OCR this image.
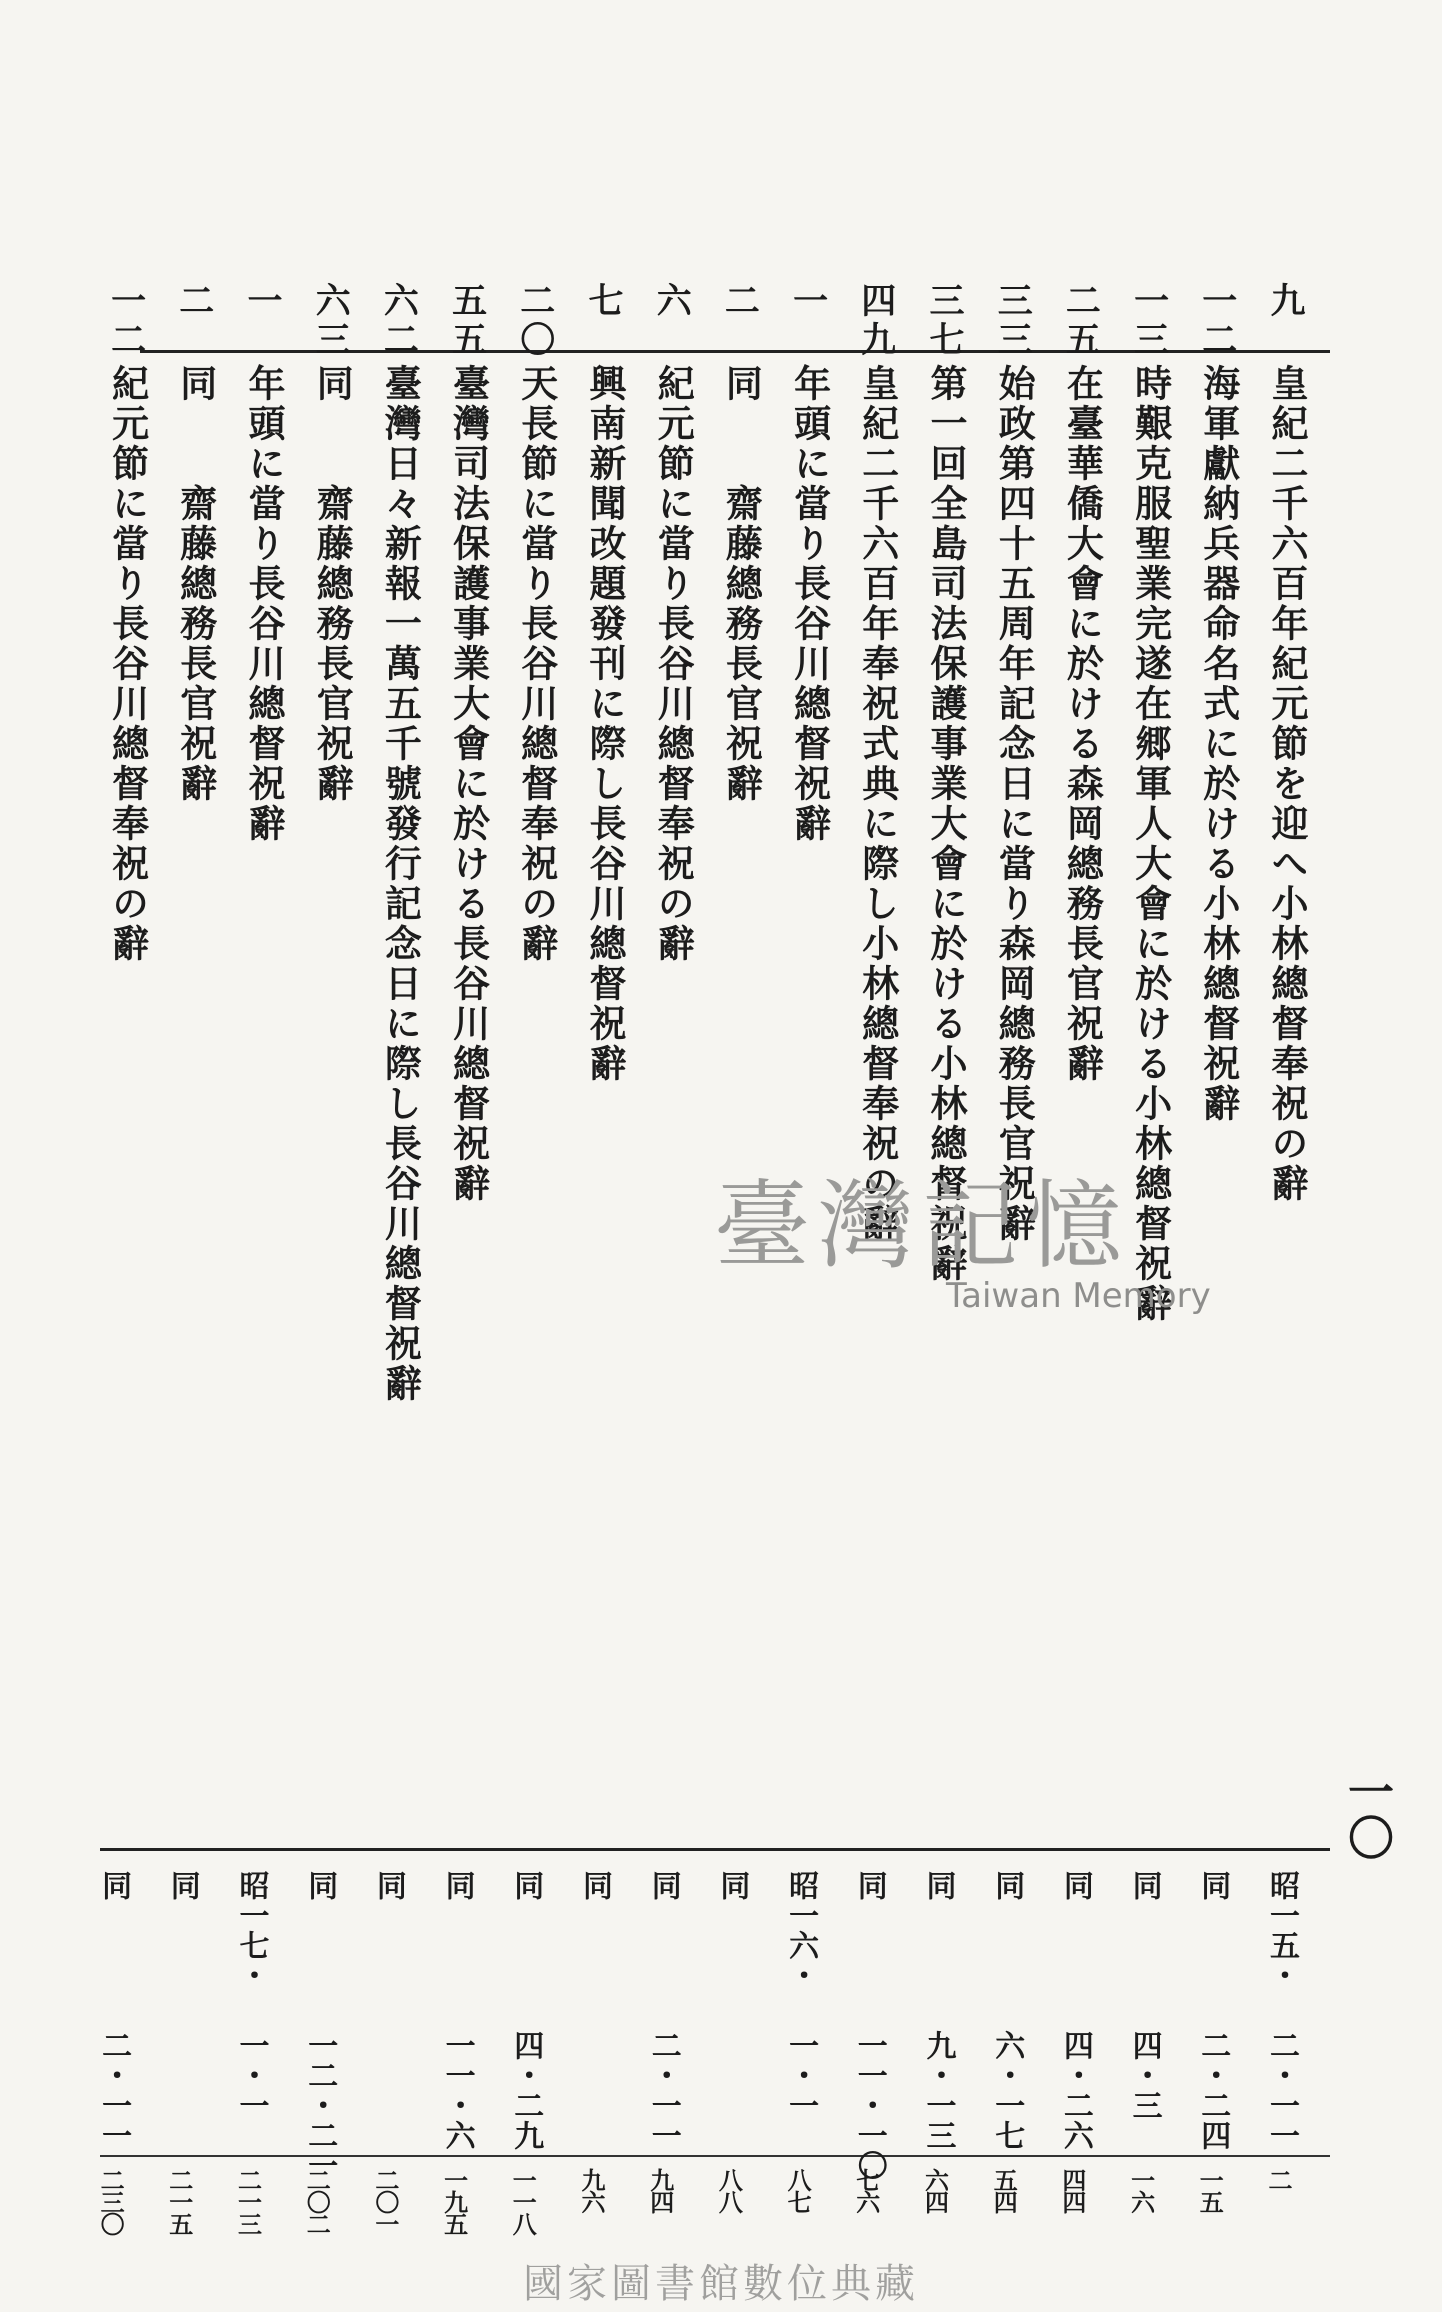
九
皇紀二千六百年紀元節を迎へ小林總督奉祝の辭
昭一五・
二・一一
二
一二
海軍獻納兵器命名式に於ける小林總督祝辭
同
二・二四
一五
一三
時艱克服聖業完遂在郷軍人大會に於ける小林總督祝辭
同
四・三
一六
二五
在臺華僑大會に於ける森岡總務長官祝辭
同
四・二六
四四
三三
始政第四十五周年記念日に當り森岡總務長官祝辭
同
六・一七
五四
三七
第一回全島司法保護事業大會に於ける小林總督祝辭
同
九・一三
六四
四九
皇紀二千六百年奉祝式典に際し小林總督奉祝の辭
同
一一・一〇
七六
一
年頭に當り長谷川總督祝辭
昭一六・
一・一
八七
二
同　　齋藤總務長官祝辭
同
八八
六
紀元節に當り長谷川總督奉祝の辭
同
二・一一
九四
七
興南新聞改題發刊に際し長谷川總督祝辭
同
九六
二〇
天長節に當り長谷川總督奉祝の辭
同
四・二九
一一八
五五
臺灣司法保護事業大會に於ける長谷川總督祝辭
同
一一・六
一九五
六二
臺灣日々新報一萬五千號發行記念日に際し長谷川總督祝辭
同
二〇一
六三
同　　齋藤總務長官祝辭
同
一二・二一
二〇二
一
年頭に當り長谷川總督祝辭
昭一七・
一・一
二一三
二
同　　齋藤總務長官祝辭
同
二一五
一二
紀元節に當り長谷川總督奉祝の辭
同
二・一一
二三〇
一〇
臺灣記憶
Taiwan Memory
國家圖書館數位典藏
